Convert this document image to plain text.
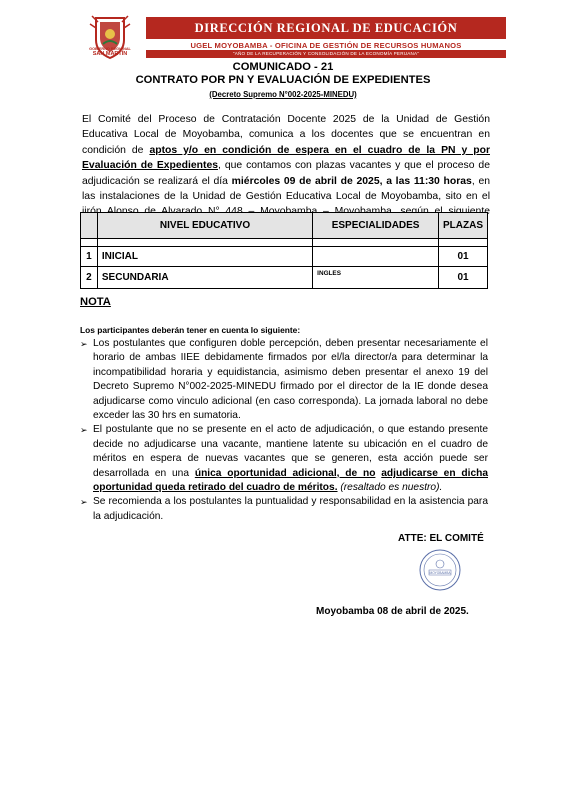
GOBIERNO REGIONAL
SAN MARTÍN
DIRECCIÓN REGIONAL DE EDUCACIÓN
UGEL MOYOBAMBA - OFICINA DE GESTIÓN DE RECURSOS HUMANOS
"AÑO DE LA RECUPERACIÓN Y CONSOLIDACIÓN DE LA ECONOMÍA PERUANA"
COMUNICADO - 21
CONTRATO POR PN Y EVALUACIÓN DE EXPEDIENTES
(Decreto Supremo N°002-2025-MINEDU)
El Comité del Proceso de Contratación Docente 2025 de la Unidad de Gestión Educativa Local de Moyobamba, comunica a los docentes que se encuentran en condición de aptos y/o en condición de espera en el cuadro de la PN y por Evaluación de Expedientes, que contamos con plazas vacantes y que el proceso de adjudicación se realizará el día miércoles 09 de abril de 2025, a las 11:30 horas, en las instalaciones de la Unidad de Gestión Educativa Local de Moyobamba, sito en el jirón Alonso de Alvarado N° 448 – Moyobamba – Moyobamba, según el siguiente cuadro:
		NIVEL EDUCATIVO	ESPECIALIDADES	PLAZAS

1	INICIAL		01
2	SECUNDARIA	INGLES	01
NOTA
Los participantes deberán tener en cuenta lo siguiente:
➢ Los postulantes que configuren doble percepción, deben presentar necesariamente el horario de ambas IIEE debidamente firmados por el/la director/a para determinar la incompatibilidad horaria y equidistancia, asimismo deben presentar el anexo 19 del Decreto Supremo N°002-2025-MINEDU firmado por el director de la IE donde desea adjudicarse como vinculo adicional (en caso corresponda). La jornada laboral no debe exceder las 30 hrs en sumatoria.
➢ El postulante que no se presente en el acto de adjudicación, o que estando presente decide no adjudicarse una vacante, mantiene latente su ubicación en el cuadro de méritos en espera de nuevas vacantes que se generen, esta acción puede ser desarrollada en una única oportunidad adicional, de no adjudicarse en dicha oportunidad queda retirado del cuadro de méritos. (resaltado es nuestro).
➢ Se recomienda a los postulantes la puntualidad y responsabilidad en la asistencia para la adjudicación.
ATTE: EL COMITÉ
MOYOBAMBA
Moyobamba 08 de abril de 2025.
